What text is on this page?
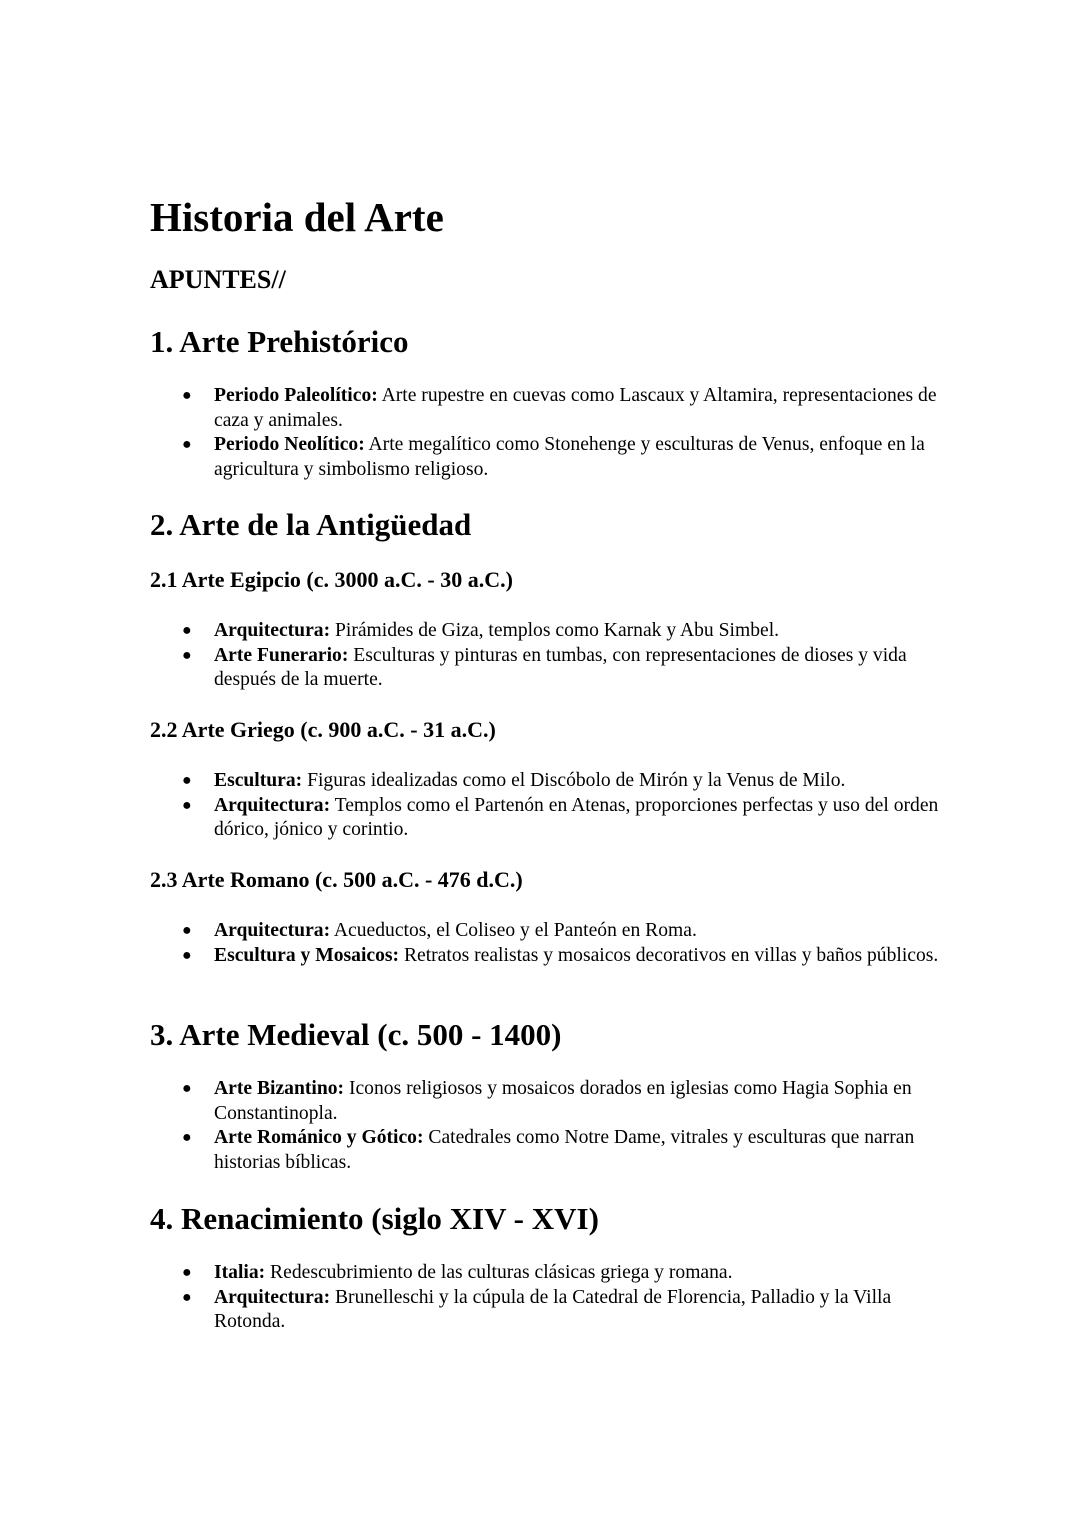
Historia del Arte
APUNTES//
1. Arte Prehistórico
● Periodo Paleolítico: Arte rupestre en cuevas como Lascaux y Altamira, representaciones de caza y animales.
● Periodo Neolítico: Arte megalítico como Stonehenge y esculturas de Venus, enfoque en la agricultura y simbolismo religioso.
2. Arte de la Antigüedad
2.1 Arte Egipcio (c. 3000 a.C. - 30 a.C.)
● Arquitectura: Pirámides de Giza, templos como Karnak y Abu Simbel.
● Arte Funerario: Esculturas y pinturas en tumbas, con representaciones de dioses y vida después de la muerte.
2.2 Arte Griego (c. 900 a.C. - 31 a.C.)
● Escultura: Figuras idealizadas como el Discóbolo de Mirón y la Venus de Milo.
● Arquitectura: Templos como el Partenón en Atenas, proporciones perfectas y uso del orden dórico, jónico y corintio.
2.3 Arte Romano (c. 500 a.C. - 476 d.C.)
● Arquitectura: Acueductos, el Coliseo y el Panteón en Roma.
● Escultura y Mosaicos: Retratos realistas y mosaicos decorativos en villas y baños públicos.
3. Arte Medieval (c. 500 - 1400)
● Arte Bizantino: Iconos religiosos y mosaicos dorados en iglesias como Hagia Sophia en Constantinopla.
● Arte Románico y Gótico: Catedrales como Notre Dame, vitrales y esculturas que narran historias bíblicas.
4. Renacimiento (siglo XIV - XVI)
● Italia: Redescubrimiento de las culturas clásicas griega y romana.
● Arquitectura: Brunelleschi y la cúpula de la Catedral de Florencia, Palladio y la Villa Rotonda.
